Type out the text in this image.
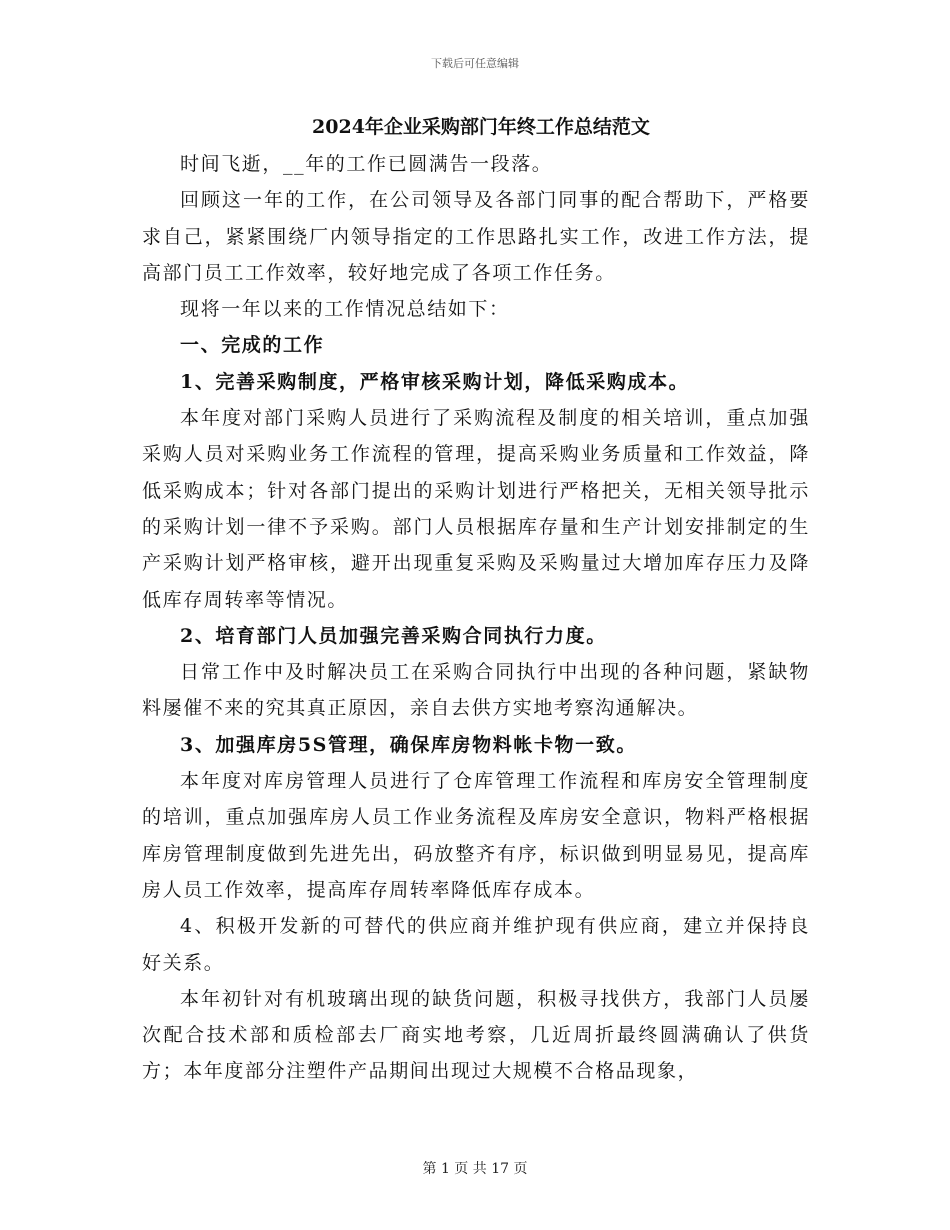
下载后可任意编辑
2024年企业采购部门年终工作总结范文

时间飞逝，__年的工作已圆满告一段落。

回顾这一年的工作，在公司领导及各部门同事的配合帮助下，严格要求自己，紧紧围绕厂内领导指定的工作思路扎实工作，改进工作方法，提高部门员工工作效率，较好地完成了各项工作任务。

现将一年以来的工作情况总结如下：

一、完成的工作

1、完善采购制度，严格审核采购计划，降低采购成本。

本年度对部门采购人员进行了采购流程及制度的相关培训，重点加强采购人员对采购业务工作流程的管理，提高采购业务质量和工作效益，降低采购成本；针对各部门提出的采购计划进行严格把关，无相关领导批示的采购计划一律不予采购。部门人员根据库存量和生产计划安排制定的生产采购计划严格审核，避开出现重复采购及采购量过大增加库存压力及降低库存周转率等情况。

2、培育部门人员加强完善采购合同执行力度。

日常工作中及时解决员工在采购合同执行中出现的各种问题，紧缺物料屡催不来的究其真正原因，亲自去供方实地考察沟通解决。

3、加强库房5S管理，确保库房物料帐卡物一致。

本年度对库房管理人员进行了仓库管理工作流程和库房安全管理制度的培训，重点加强库房人员工作业务流程及库房安全意识，物料严格根据库房管理制度做到先进先出，码放整齐有序，标识做到明显易见，提高库房人员工作效率，提高库存周转率降低库存成本。

4、积极开发新的可替代的供应商并维护现有供应商，建立并保持良好关系。

本年初针对有机玻璃出现的缺货问题，积极寻找供方，我部门人员屡次配合技术部和质检部去厂商实地考察，几近周折最终圆满确认了供货方；本年度部分注塑件产品期间出现过大规模不合格品现象，

第 1 页 共 17 页
